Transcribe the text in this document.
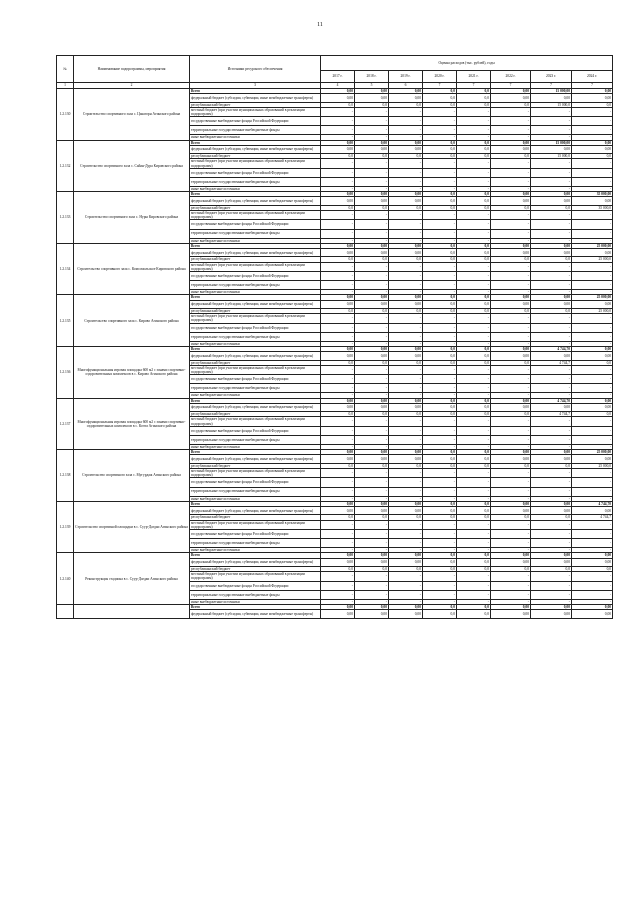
11
№	Наименование подпрограммы, мероприятия	Источники ресурсного обеспечения	Оценка расходов (тыс. рублей), годы							
			2017 г.	2018 г.	2019 г.	2020 г.	2021 г.	2022 г.	2023 г.	2024 г.
1	2	3	4	5	6	7	7	7	7	7
1.2.130	Строительство спортивного зала с. Цакагорн Агинского района	Всего	0,00	0,00	0,00	0,0	0,0	0,00	15 000,00	0,00
		федеральный бюджет (субсидии, субвенции, иные межбюджетные трансферты)	0,00	0,00	0,00	0,0	0,0	0,00	0,00	0,00
		республиканский бюджет	0,0	0,0	0,0	0,0	0,0	0,0	15 000,0	0,0
		местный бюджет (при участии муниципальных образований в реализации подпрограмм)	-	-	-	-	-	-	-	-
		государственные внебюджетные фонды Российской Федерации	-	-	-	-	-	-	-	-
		территориальные государственные внебюджетные фонды	-	-	-	-	-	-	-	-
		иные внебюджетные источники	-	-	-	-	-	-	-	-
1.2.132	Строительство спортивного зала с. Сайан-Дура Кировского района	Всего	0,00	0,00	0,00	0,0	0,0	0,00	15 000,00	0,00
		федеральный бюджет (субсидии, субвенции, иные межбюджетные трансферты)	0,00	0,00	0,00	0,0	0,0	0,00	0,00	0,00
		республиканский бюджет	0,0	0,0	0,0	0,0	0,0	0,0	15 000,0	0,0
		местный бюджет (при участии муниципальных образований в реализации подпрограмм)	-	-	-	-	-	-	-	-
		государственные внебюджетные фонды Российской Федерации	-	-	-	-	-	-	-	-
		территориальные государственные внебюджетные фонды	-	-	-	-	-	-	-	-
		иные внебюджетные источники	-	-	-	-	-	-	-	-
1.2.133	Строительство спортивного зала с. Нуры Кировского района	Всего	0,00	0,00	0,00	0,0	0,0	0,00	0,00	35 000,00
		федеральный бюджет (субсидии, субвенции, иные межбюджетные трансферты)	0,00	0,00	0,00	0,0	0,0	0,00	0,00	0,00
		республиканский бюджет	0,0	0,0	0,0	0,0	0,0	0,0	0,0	35 000,0
		местный бюджет (при участии муниципальных образований в реализации подпрограмм)	-	-	-	-	-	-	-	-
		государственные внебюджетные фонды Российской Федерации	-	-	-	-	-	-	-	-
		территориальные государственные внебюджетные фонды	-	-	-	-	-	-	-	-
		иные внебюджетные источники	-	-	-	-	-	-	-	-
1.2.134	Строительство спортивного зала с. Комсомольское Кировского района	Всего	0,00	0,00	0,00	0,0	0,0	0,00	0,00	25 000,00
		федеральный бюджет (субсидии, субвенции, иные межбюджетные трансферты)	0,00	0,00	0,00	0,0	0,0	0,00	0,00	0,00
		республиканский бюджет	0,0	0,0	0,0	0,0	0,0	0,0	0,0	25 000,0
		местный бюджет (при участии муниципальных образований в реализации подпрограмм)	-	-	-	-	-	-	-	-
		государственные внебюджетные фонды Российской Федерации	-	-	-	-	-	-	-	-
		территориальные государственные внебюджетные фонды	-	-	-	-	-	-	-	-
		иные внебюджетные источники	-	-	-	-	-	-	-	-
1.2.135	Строительство спортивного зала с. Кирово Агинского района	Всего	0,00	0,00	0,00	0,0	0,0	0,00	0,00	25 000,00
		федеральный бюджет (субсидии, субвенции, иные межбюджетные трансферты)	0,00	0,00	0,00	0,0	0,0	0,00	0,00	0,00
		республиканский бюджет	0,0	0,0	0,0	0,0	0,0	0,0	0,0	25 000,0
		местный бюджет (при участии муниципальных образований в реализации подпрограмм)	-	-	-	-	-	-	-	-
		государственные внебюджетные фонды Российской Федерации	-	-	-	-	-	-	-	-
		территориальные государственные внебюджетные фонды	-	-	-	-	-	-	-	-
		иные внебюджетные источники	-	-	-	-	-	-	-	-
1.2.136	Многофункциональная игровая площадка 600 м2 с зонами спортивно-оздоровительных комплексов в с. Кирово Агинского района	Всего	0,00	0,00	0,00	0,0	0,0	0,00	4 744,70	0,00
		федеральный бюджет (субсидии, субвенции, иные межбюджетные трансферты)	0,00	0,00	0,00	0,0	0,0	0,00	0,00	0,00
		республиканский бюджет	0,0	0,0	0,0	0,0	0,0	0,0	4 744,7	0,0
		местный бюджет (при участии муниципальных образований в реализации подпрограмм)	-	-	-	-	-	-	-	-
		государственные внебюджетные фонды Российской Федерации	-	-	-	-	-	-	-	-
		территориальные государственные внебюджетные фонды	-	-	-	-	-	-	-	-
		иные внебюджетные источники	-	-	-	-	-	-	-	-
1.2.137	Многофункциональная игровая площадка 600 м2 с зонами спортивно-оздоровительных комплексов в с. Кочта Агинского района	Всего	0,00	0,00	0,00	0,0	0,0	0,00	4 744,70	0,00
		федеральный бюджет (субсидии, субвенции, иные межбюджетные трансферты)	0,00	0,00	0,00	0,0	0,0	0,00	0,00	0,00
		республиканский бюджет	0,0	0,0	0,0	0,0	0,0	0,0	4 744,7	0,0
		местный бюджет (при участии муниципальных образований в реализации подпрограмм)	-	-	-	-	-	-	-	-
		государственные внебюджетные фонды Российской Федерации	-	-	-	-	-	-	-	-
		территориальные государственные внебюджетные фонды	-	-	-	-	-	-	-	-
		иные внебюджетные источники	-	-	-	-	-	-	-	-
1.2.138	Строительство спортивного зала с. Мугурдаж Агинского района	Всего	0,00	0,00	0,00	0,0	0,0	0,00	0,00	25 000,00
		федеральный бюджет (субсидии, субвенции, иные межбюджетные трансферты)	0,00	0,00	0,00	0,0	0,0	0,00	0,00	0,00
		республиканский бюджет	0,0	0,0	0,0	0,0	0,0	0,0	0,0	25 000,0
		местный бюджет (при участии муниципальных образований в реализации подпрограмм)	-	-	-	-	-	-	-	-
		государственные внебюджетные фонды Российской Федерации	-	-	-	-	-	-	-	-
		территориальные государственные внебюджетные фонды	-	-	-	-	-	-	-	-
		иные внебюджетные источники	-	-	-	-	-	-	-	-
1.2.139	Строительство спортивной площадки в с. Суур-Дагдаи Агинского района	Всего	0,00	0,00	0,00	0,0	0,0	0,00	0,00	4 744,70
		федеральный бюджет (субсидии, субвенции, иные межбюджетные трансферты)	0,00	0,00	0,00	0,0	0,0	0,00	0,00	0,00
		республиканский бюджет	0,0	0,0	0,0	0,0	0,0	0,0	0,0	4 744,7
		местный бюджет (при участии муниципальных образований в реализации подпрограмм)	-	-	-	-	-	-	-	-
		государственные внебюджетные фонды Российской Федерации	-	-	-	-	-	-	-	-
		территориальные государственные внебюджетные фонды	-	-	-	-	-	-	-	-
		иные внебюджетные источники	-	-	-	-	-	-	-	-
1.2.140	Реконструкция стадиона в с. Суур-Дагдаи Агинского района	Всего	0,00	0,00	0,00	0,0	0,0	0,00	0,00	0,00
		федеральный бюджет (субсидии, субвенции, иные межбюджетные трансферты)	0,00	0,00	0,00	0,0	0,0	0,00	0,00	0,00
		республиканский бюджет	0,0	0,0	0,0	0,0	0,0	0,0	0,0	0,0
		местный бюджет (при участии муниципальных образований в реализации подпрограмм)	-	-	-	-	-	-	-	-
		государственные внебюджетные фонды Российской Федерации	-	-	-	-	-	-	-	-
		территориальные государственные внебюджетные фонды	-	-	-	-	-	-	-	-
		иные внебюджетные источники	-	-	-	-	-	-	-	-
		Всего	0,00	0,00	0,00	0,0	0,0	0,00	0,00	0,00
		федеральный бюджет (субсидии, субвенции, иные межбюджетные трансферты)	0,00	0,00	0,00	0,0	0,0	0,00	0,00	0,00
